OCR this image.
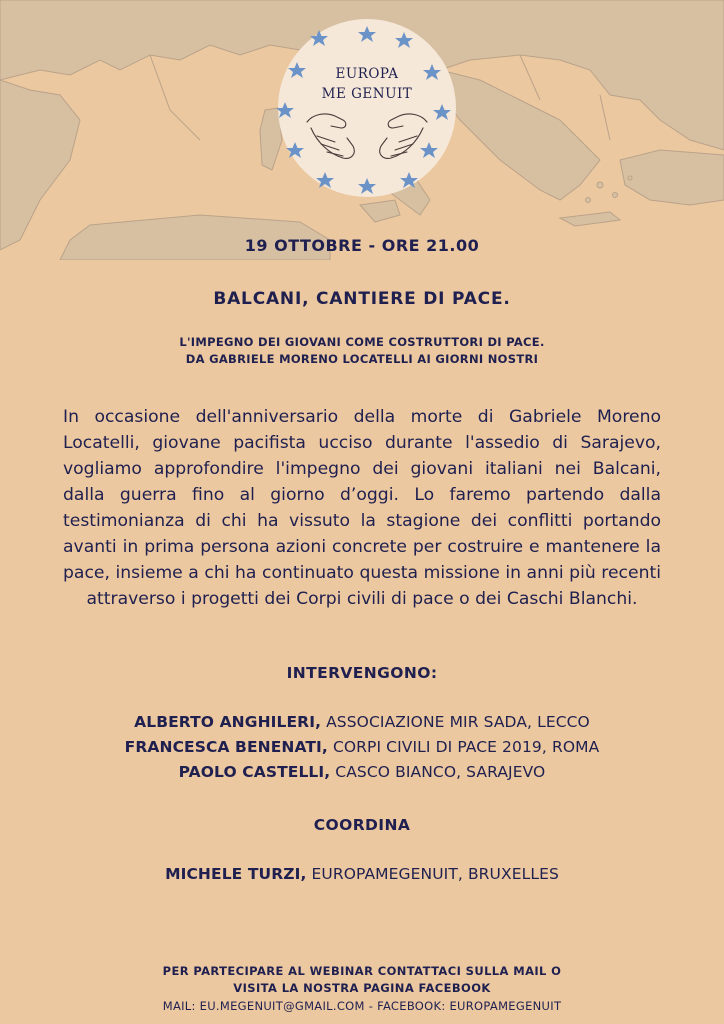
EUROPA
ME GENUIT
19 OTTOBRE - ORE 21.00
BALCANI, CANTIERE DI PACE.
L'IMPEGNO DEI GIOVANI COME COSTRUTTORI DI PACE.
DA GABRIELE MORENO LOCATELLI AI GIORNI NOSTRI
In occasione dell'anniversario della morte di Gabriele Moreno Locatelli, giovane pacifista ucciso durante l'assedio di Sarajevo, vogliamo approfondire l'impegno dei giovani italiani nei Balcani, dalla guerra fino al giorno d’oggi. Lo faremo partendo dalla testimonianza di chi ha vissuto la stagione dei conflitti portando avanti in prima persona azioni concrete per costruire e mantenere la pace, insieme a chi ha continuato questa missione in anni più recenti attraverso i progetti dei Corpi civili di pace o dei Caschi Blanchi.
INTERVENGONO:
ALBERTO ANGHILERI, ASSOCIAZIONE MIR SADA, LECCO
FRANCESCA BENENATI, CORPI CIVILI DI PACE 2019, ROMA
PAOLO CASTELLI, CASCO BIANCO, SARAJEVO
COORDINA
MICHELE TURZI, EUROPAMEGENUIT, BRUXELLES
PER PARTECIPARE AL WEBINAR CONTATTACI SULLA MAIL O
VISITA LA NOSTRA PAGINA FACEBOOK
MAIL: EU.MEGENUIT@GMAIL.COM - FACEBOOK: EUROPAMEGENUIT
